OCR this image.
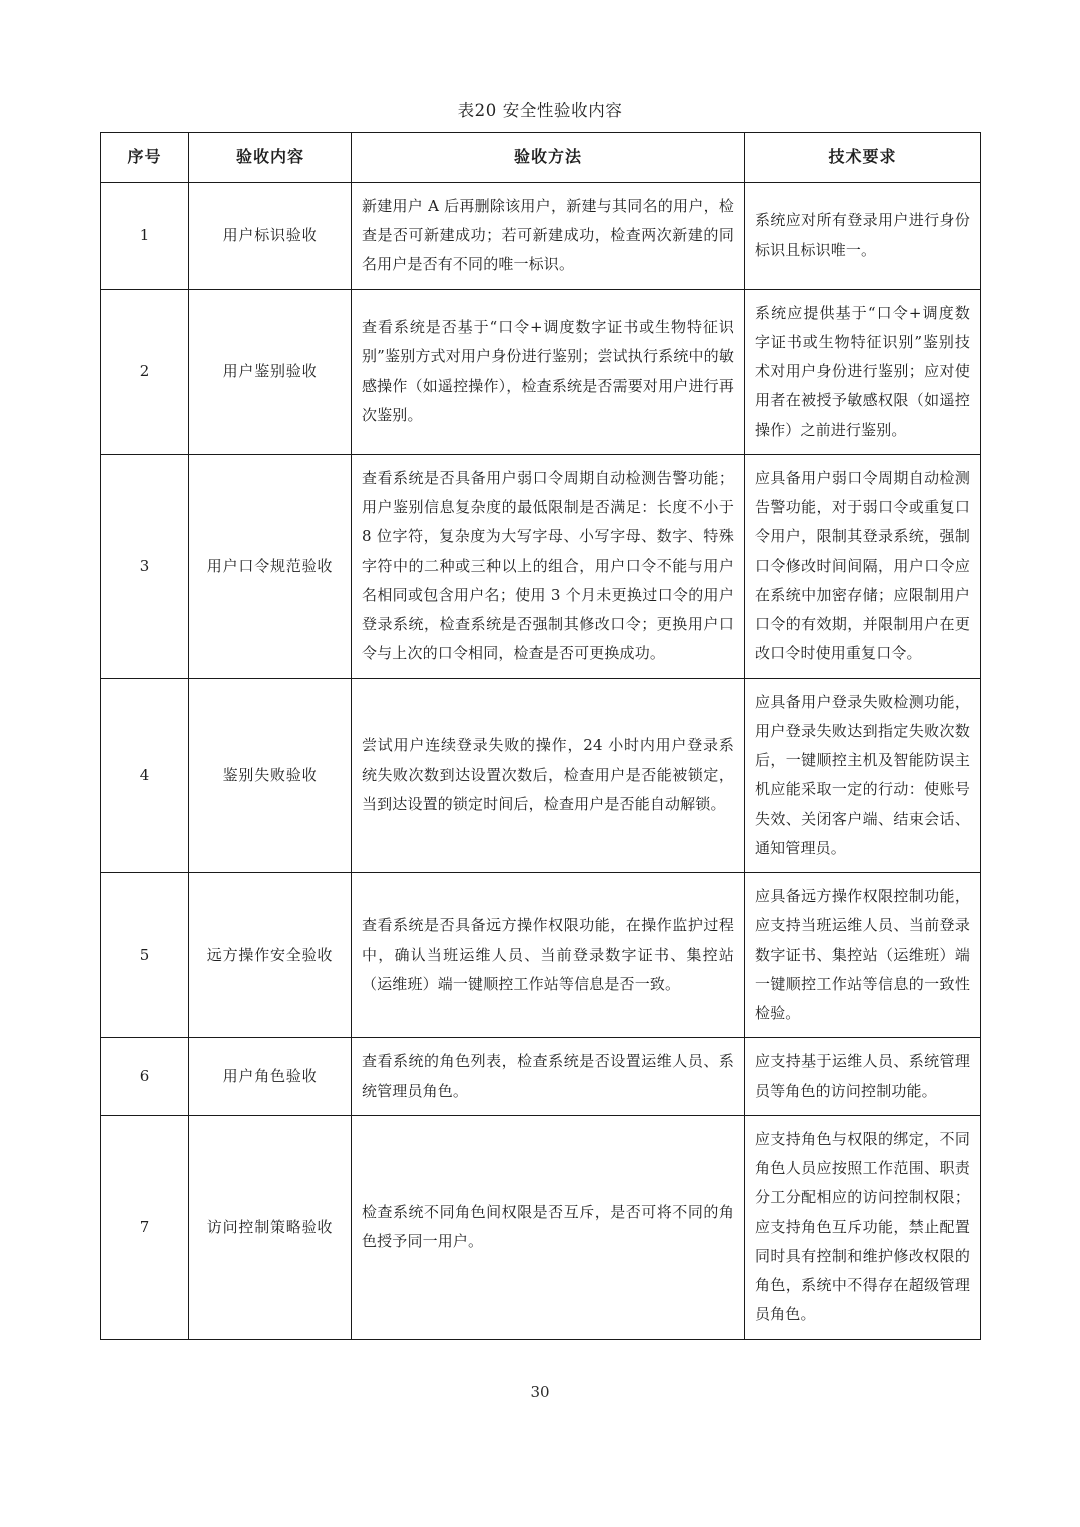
表20 安全性验收内容
序号	验收内容	验收方法	技术要求
1	用户标识验收	新建用户 A 后再删除该用户，新建与其同名的用户，检查是否可新建成功；若可新建成功，检查两次新建的同名用户是否有不同的唯一标识。	系统应对所有登录用户进行身份标识且标识唯一。
2	用户鉴别验收	查看系统是否基于“口令+调度数字证书或生物特征识别”鉴别方式对用户身份进行鉴别；尝试执行系统中的敏感操作（如遥控操作），检查系统是否需要对用户进行再次鉴别。	系统应提供基于“口令+调度数字证书或生物特征识别”鉴别技术对用户身份进行鉴别；应对使用者在被授予敏感权限（如遥控操作）之前进行鉴别。
3	用户口令规范验收	查看系统是否具备用户弱口令周期自动检测告警功能；用户鉴别信息复杂度的最低限制是否满足：长度不小于 8 位字符，复杂度为大写字母、小写字母、数字、特殊字符中的二种或三种以上的组合，用户口令不能与用户名相同或包含用户名；使用 3 个月未更换过口令的用户登录系统，检查系统是否强制其修改口令；更换用户口令与上次的口令相同，检查是否可更换成功。	应具备用户弱口令周期自动检测告警功能，对于弱口令或重复口令用户，限制其登录系统，强制口令修改时间间隔，用户口令应在系统中加密存储；应限制用户口令的有效期，并限制用户在更改口令时使用重复口令。
4	鉴别失败验收	尝试用户连续登录失败的操作，24 小时内用户登录系统失败次数到达设置次数后，检查用户是否能被锁定，当到达设置的锁定时间后，检查用户是否能自动解锁。	应具备用户登录失败检测功能，用户登录失败达到指定失败次数后，一键顺控主机及智能防误主机应能采取一定的行动：使账号失效、关闭客户端、结束会话、通知管理员。
5	远方操作安全验收	查看系统是否具备远方操作权限功能，在操作监护过程中，确认当班运维人员、当前登录数字证书、集控站（运维班）端一键顺控工作站等信息是否一致。	应具备远方操作权限控制功能，应支持当班运维人员、当前登录数字证书、集控站（运维班）端一键顺控工作站等信息的一致性检验。
6	用户角色验收	查看系统的角色列表，检查系统是否设置运维人员、系统管理员角色。	应支持基于运维人员、系统管理员等角色的访问控制功能。
7	访问控制策略验收	检查系统不同角色间权限是否互斥，是否可将不同的角色授予同一用户。	应支持角色与权限的绑定，不同角色人员应按照工作范围、职责分工分配相应的访问控制权限；应支持角色互斥功能，禁止配置同时具有控制和维护修改权限的角色，系统中不得存在超级管理员角色。
30
